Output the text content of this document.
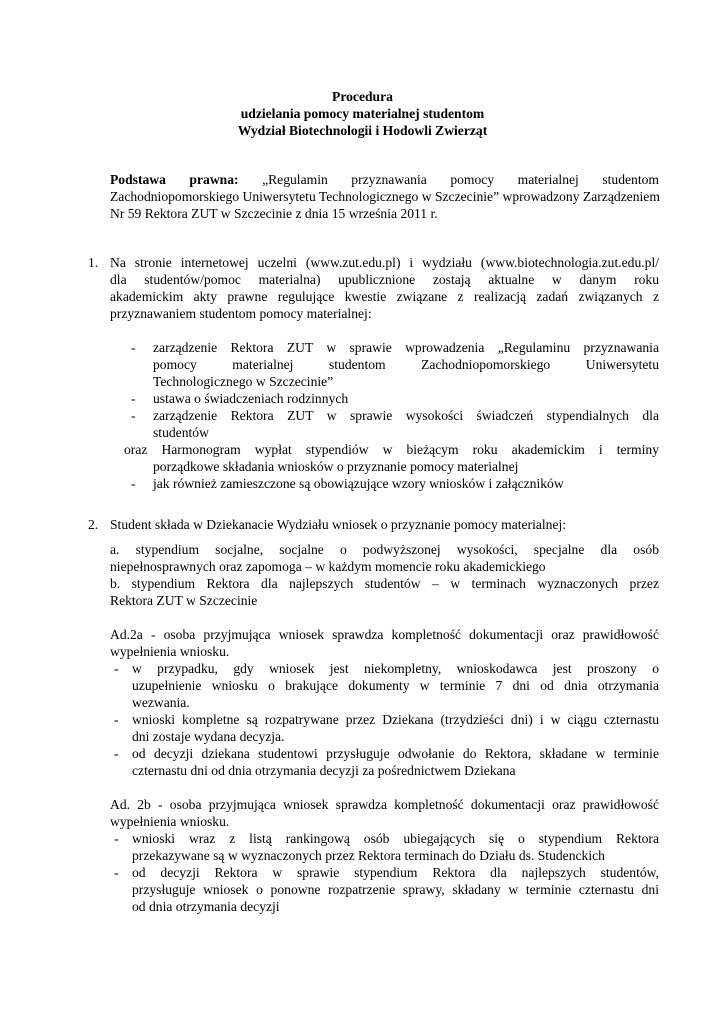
Procedura
udzielania pomocy materialnej studentom
Wydział Biotechnologii i Hodowli Zwierząt
Podstawa prawna: „Regulamin przyznawania pomocy materialnej studentom
Zachodniopomorskiego Uniwersytetu Technologicznego w Szczecinie” wprowadzony Zarządzeniem
Nr 59 Rektora ZUT w Szczecinie z dnia 15 września 2011 r.
1. Na stronie internetowej uczelni (www.zut.edu.pl) i wydziału (www.biotechnologia.zut.edu.pl/
dla studentów/pomoc materialna) upublicznione zostają aktualne w danym roku
akademickim akty prawne regulujące kwestie związane z realizacją zadań związanych z
przyznawaniem studentom pomocy materialnej:
- zarządzenie Rektora ZUT w sprawie wprowadzenia „Regulaminu przyznawania
pomocy materialnej studentom Zachodniopomorskiego Uniwersytetu
Technologicznego w Szczecinie”
- ustawa o świadczeniach rodzinnych
- zarządzenie Rektora ZUT w sprawie wysokości świadczeń stypendialnych dla
studentów
oraz Harmonogram wypłat stypendiów w bieżącym roku akademickim i terminy
porządkowe składania wniosków o przyznanie pomocy materialnej
- jak również zamieszczone są obowiązujące wzory wniosków i załączników
2. Student składa w Dziekanacie Wydziału wniosek o przyznanie pomocy materialnej:
a. stypendium socjalne, socjalne o podwyższonej wysokości, specjalne dla osób
niepełnosprawnych oraz zapomoga – w każdym momencie roku akademickiego
b. stypendium Rektora dla najlepszych studentów – w terminach wyznaczonych przez
Rektora ZUT w Szczecinie
Ad.2a - osoba przyjmująca wniosek sprawdza kompletność dokumentacji oraz prawidłowość
wypełnienia wniosku.
- w przypadku, gdy wniosek jest niekompletny, wnioskodawca jest proszony o
uzupełnienie wniosku o brakujące dokumenty w terminie 7 dni od dnia otrzymania
wezwania.
- wnioski kompletne są rozpatrywane przez Dziekana (trzydzieści dni) i w ciągu czternastu
dni zostaje wydana decyzja.
- od decyzji dziekana studentowi przysługuje odwołanie do Rektora, składane w terminie
czternastu dni od dnia otrzymania decyzji za pośrednictwem Dziekana
Ad. 2b - osoba przyjmująca wniosek sprawdza kompletność dokumentacji oraz prawidłowość
wypełnienia wniosku.
- wnioski wraz z listą rankingową osób ubiegających się o stypendium Rektora
przekazywane są w wyznaczonych przez Rektora terminach do Działu ds. Studenckich
- od decyzji Rektora w sprawie stypendium Rektora dla najlepszych studentów,
przysługuje wniosek o ponowne rozpatrzenie sprawy, składany w terminie czternastu dni
od dnia otrzymania decyzji
